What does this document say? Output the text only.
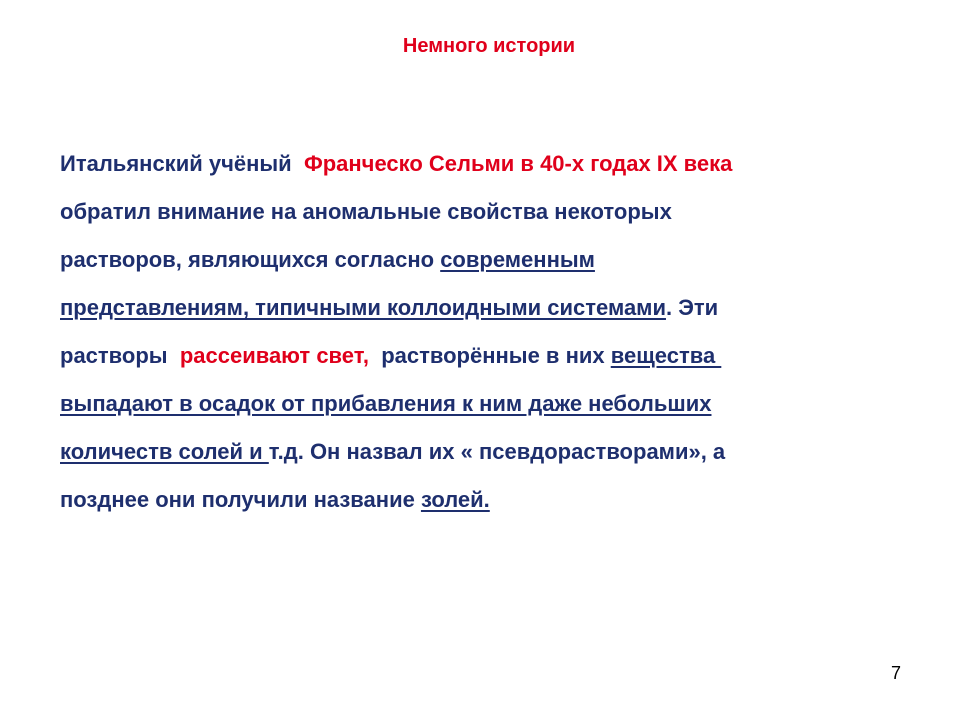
Немного истории
Итальянский учёный  Франческо Сельми в 40-х годах IX века
обратил внимание на аномальные свойства некоторых
растворов, являющихся согласно современным
представлениям, типичными коллоидными системами. Эти
растворы  рассеивают свет,  растворённые в них вещества
выпадают в осадок от прибавления к ним даже небольших
количеств солей и т.д. Он назвал их « псевдорастворами», а
позднее они получили название золей.
7
